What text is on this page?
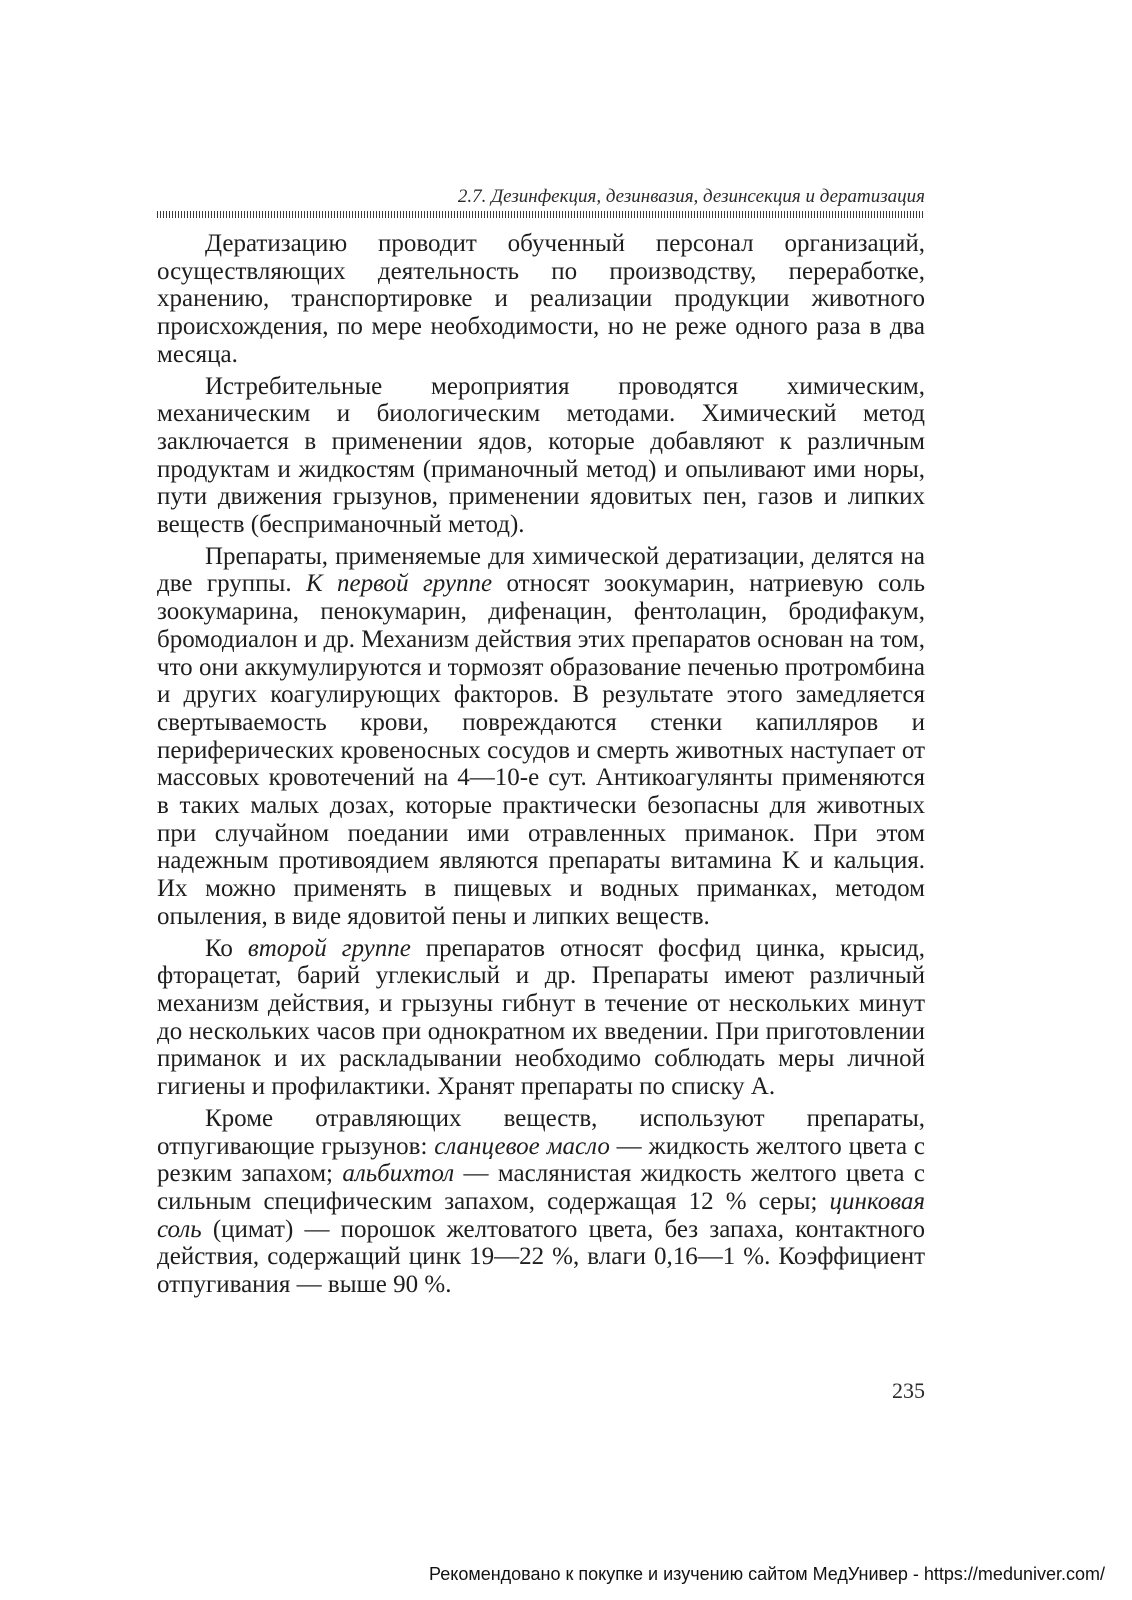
2.7. Дезинфекция, дезинвазия, дезинсекция и дератизация

Дератизацию проводит обученный персонал организаций, осуществляющих деятельность по производству, переработке, хранению, транспортировке и реализации продукции животного происхождения, по мере необходимости, но не реже одного раза в два месяца.

Истребительные мероприятия проводятся химическим, механическим и биологическим методами. Химический метод заключается в применении ядов, которые добавляют к различным продуктам и жидкостям (приманочный метод) и опыливают ими норы, пути движения грызунов, применении ядовитых пен, газов и липких веществ (бесприманочный метод).

Препараты, применяемые для химической дератизации, делятся на две группы. К первой группе относят зоокумарин, натриевую соль зоокумарина, пенокумарин, дифенацин, фентолацин, бродифакум, бромодиалон и др. Механизм действия этих препаратов основан на том, что они аккумулируются и тормозят образование печенью протромбина и других коагулирующих факторов. В результате этого замедляется свертываемость крови, повреждаются стенки капилляров и периферических кровеносных сосудов и смерть животных наступает от массовых кровотечений на 4—10-е сут. Антикоагулянты применяются в таких малых дозах, которые практически безопасны для животных при случайном поедании ими отравленных приманок. При этом надежным противоядием являются препараты витамина K и кальция. Их можно применять в пищевых и водных приманках, методом опыления, в виде ядовитой пены и липких веществ.

Ко второй группе препаратов относят фосфид цинка, крысид, фторацетат, барий углекислый и др. Препараты имеют различный механизм действия, и грызуны гибнут в течение от нескольких минут до нескольких часов при однократном их введении. При приготовлении приманок и их раскладывании необходимо соблюдать меры личной гигиены и профилактики. Хранят препараты по списку A.

Кроме отравляющих веществ, используют препараты, отпугивающие грызунов: сланцевое масло — жидкость желтого цвета с резким запахом; альбихтол — маслянистая жидкость желтого цвета с сильным специфическим запахом, содержащая 12 % серы; цинковая соль (цимат) — порошок желтоватого цвета, без запаха, контактного действия, содержащий цинк 19—22 %, влаги 0,16—1 %. Коэффициент отпугивания — выше 90 %.

235
Рекомендовано к покупке и изучению сайтом МедУнивер - https://meduniver.com/
